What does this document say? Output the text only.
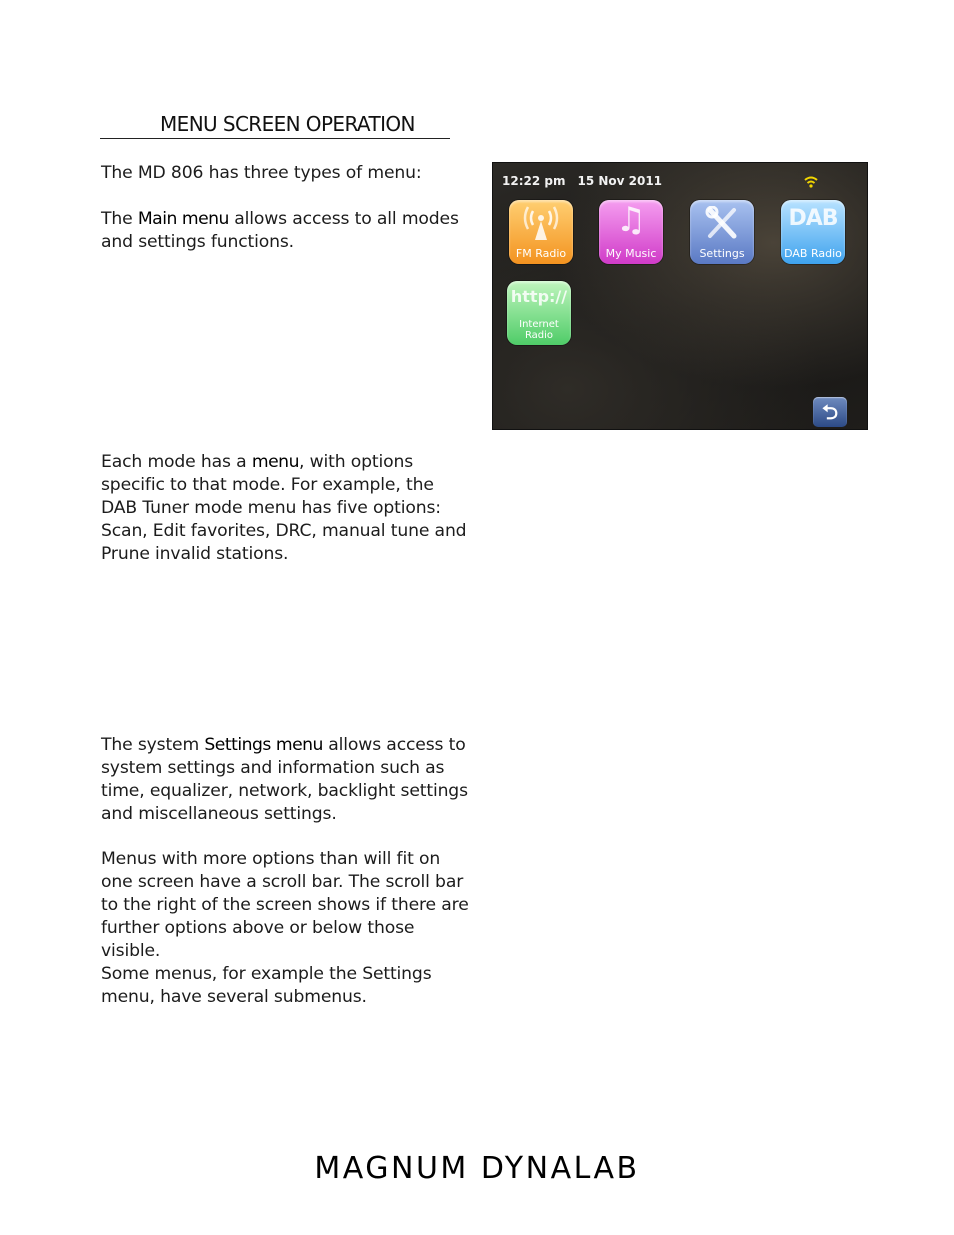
MENU SCREEN OPERATION

The MD 806 has three types of menu:

The Main menu allows access to all modes and settings functions.

12:22 pm 15 Nov 2011
FM Radio
♫
My Music	Settings
DAB
DAB Radio
http://
Internet
Radio
⮌

Each mode has a menu, with options specific to that mode. For example, the DAB Tuner mode menu has five options: Scan, Edit favorites, DRC, manual tune and Prune invalid stations.

The system Settings menu allows access to system settings and information such as time, equalizer, network, backlight settings and miscellaneous settings.

Menus with more options than will fit on one screen have a scroll bar. The scroll bar to the right of the screen shows if there are further options above or below those visible.

Some menus, for example the Settings menu, have several submenus.

MAGNUM DYNALAB
